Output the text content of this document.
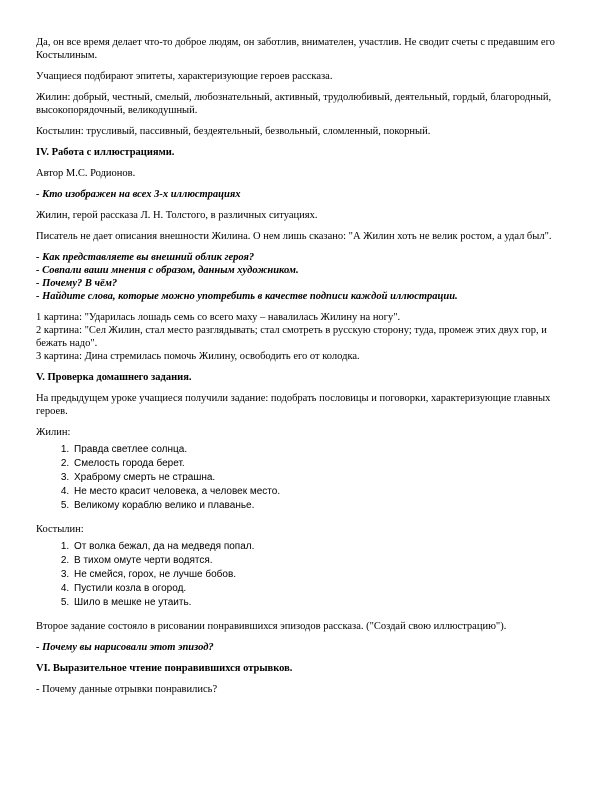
Да, он все время делает что-то доброе людям, он заботлив, внимателен, участлив. Не сводит счеты с предавшим его Костылиным.

Учащиеся подбирают эпитеты, характеризующие героев рассказа.

Жилин: добрый, честный, смелый, любознательный, активный, трудолюбивый, деятельный, гордый, благородный, высокопорядочный, великодушный.

Костылин: трусливый, пассивный, бездеятельный, безвольный, сломленный, покорный.

IV. Работа с иллюстрациями.

Автор М.С. Родионов.

- Кто изображен на всех 3-х иллюстрациях

Жилин, герой рассказа Л. Н. Толстого, в различных ситуациях.

Писатель не дает описания внешности Жилина. О нем лишь сказано: "А Жилин хоть не велик ростом, а удал был".

- Как представляете вы внешний облик героя?

- Совпали ваши мнения с образом, данным художником.

- Почему? В чём?

- Найдите слова, которые можно употребить в качестве подписи каждой иллюстрации.

1 картина: "Ударилась лошадь семь со всего маху – навалилась Жилину на ногу".

2 картина: "Сел Жилин, стал место разглядывать; стал смотреть в русскую сторону; туда, промеж этих двух гор, и бежать надо".

3 картина: Дина стремилась помочь Жилину, освободить его от колодка.

V. Проверка домашнего задания.

На предыдущем уроке учащиеся получили задание: подобрать пословицы и поговорки, характеризующие главных героев.

Жилин:

1. Правда светлее солнца.
2. Смелость города берет.
3. Храброму смерть не страшна.
4. Не место красит человека, а человек место.
5. Великому кораблю велико и плаванье.

Костылин:

1. От волка бежал, да на медведя попал.
2. В тихом омуте черти водятся.
3. Не смейся, горох, не лучше бобов.
4. Пустили козла в огород.
5. Шило в мешке не утаить.

Второе задание состояло в рисовании понравившихся эпизодов рассказа. ("Создай свою иллюстрацию").

- Почему вы нарисовали этот эпизод?

VI. Выразительное чтение понравившихся отрывков.

- Почему данные отрывки понравились?
